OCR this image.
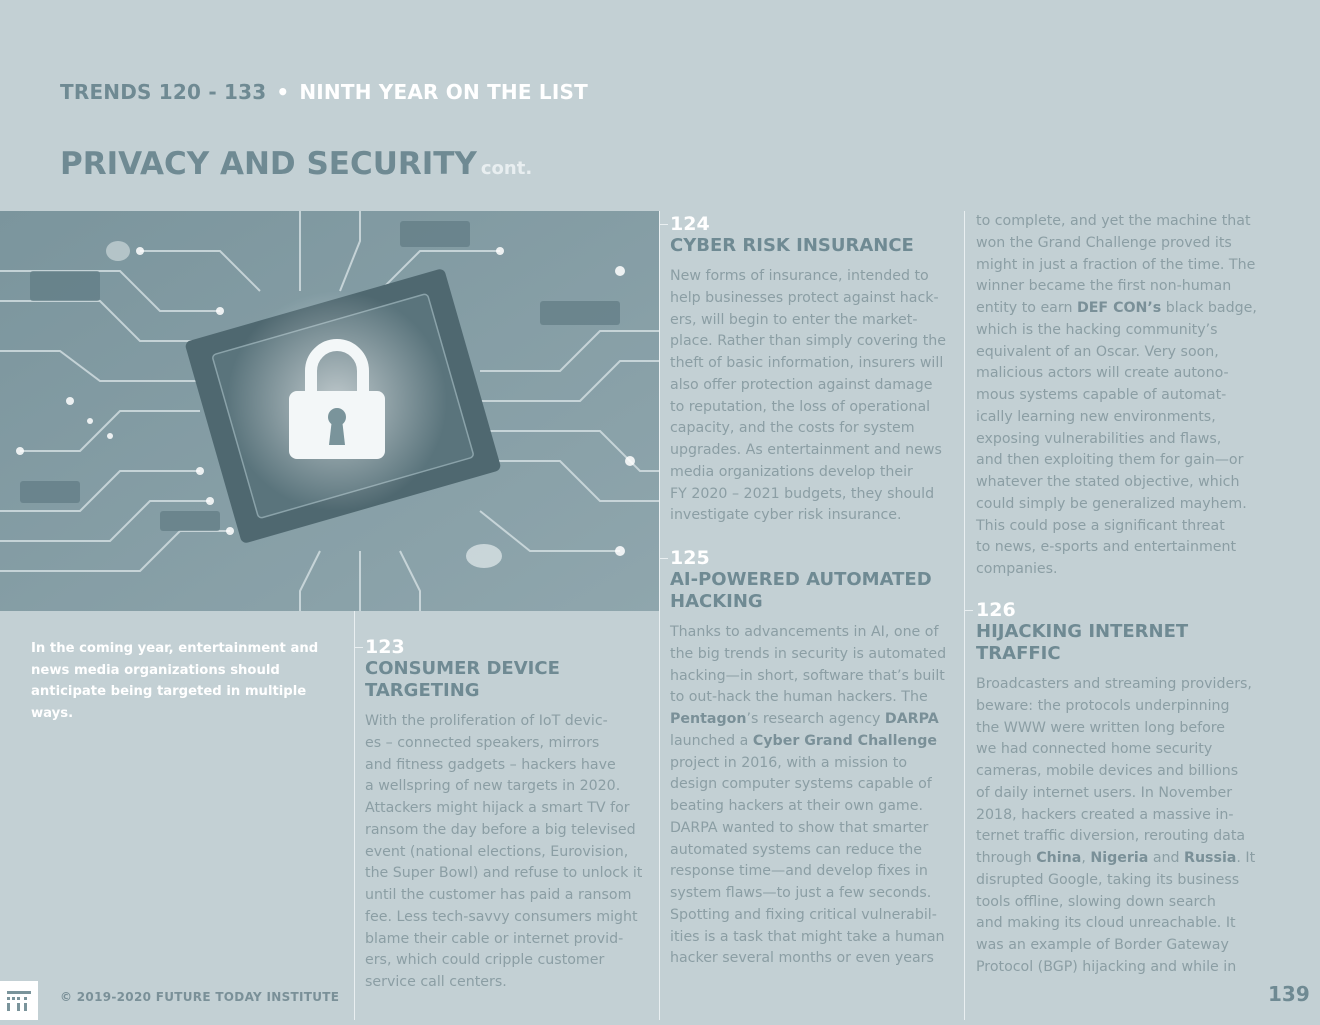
TRENDS 120 - 133 • NINTH YEAR ON THE LIST
PRIVACY AND SECURITY cont.
In the coming year, entertainment and news media organizations should anticipate being targeted in multiple ways.
123
CONSUMER DEVICE TARGETING
With the proliferation of IoT devic-
es – connected speakers, mirrors
and fitness gadgets – hackers have
a wellspring of new targets in 2020.
Attackers might hijack a smart TV for
ransom the day before a big televised
event (national elections, Eurovision,
the Super Bowl) and refuse to unlock it
until the customer has paid a ransom
fee. Less tech-savvy consumers might
blame their cable or internet provid-
ers, which could cripple customer
service call centers.
124
CYBER RISK INSURANCE
New forms of insurance, intended to
help businesses protect against hack-
ers, will begin to enter the market-
place. Rather than simply covering the
theft of basic information, insurers will
also offer protection against damage
to reputation, the loss of operational
capacity, and the costs for system
upgrades. As entertainment and news
media organizations develop their
FY 2020 – 2021 budgets, they should
investigate cyber risk insurance.
125
AI-POWERED AUTOMATED
HACKING
Thanks to advancements in AI, one of
the big trends in security is automated
hacking—in short, software that’s built
to out-hack the human hackers. The
Pentagon’s research agency DARPA
launched a Cyber Grand Challenge
project in 2016, with a mission to
design computer systems capable of
beating hackers at their own game.
DARPA wanted to show that smarter
automated systems can reduce the
response time—and develop fixes in
system flaws—to just a few seconds.
Spotting and fixing critical vulnerabil-
ities is a task that might take a human
hacker several months or even years
to complete, and yet the machine that
won the Grand Challenge proved its
might in just a fraction of the time. The
winner became the first non-human
entity to earn DEF CON’s black badge,
which is the hacking community’s
equivalent of an Oscar. Very soon,
malicious actors will create autono-
mous systems capable of automat-
ically learning new environments,
exposing vulnerabilities and flaws,
and then exploiting them for gain—or
whatever the stated objective, which
could simply be generalized mayhem.
This could pose a significant threat
to news, e-sports and entertainment
companies.
126
HIJACKING INTERNET TRAFFIC
Broadcasters and streaming providers,
beware: the protocols underpinning
the WWW were written long before
we had connected home security
cameras, mobile devices and billions
of daily internet users. In November
2018, hackers created a massive in-
ternet traffic diversion, rerouting data
through China, Nigeria and Russia. It
disrupted Google, taking its business
tools offline, slowing down search
and making its cloud unreachable. It
was an example of Border Gateway
Protocol (BGP) hijacking and while in
© 2019-2020 FUTURE TODAY INSTITUTE	139
